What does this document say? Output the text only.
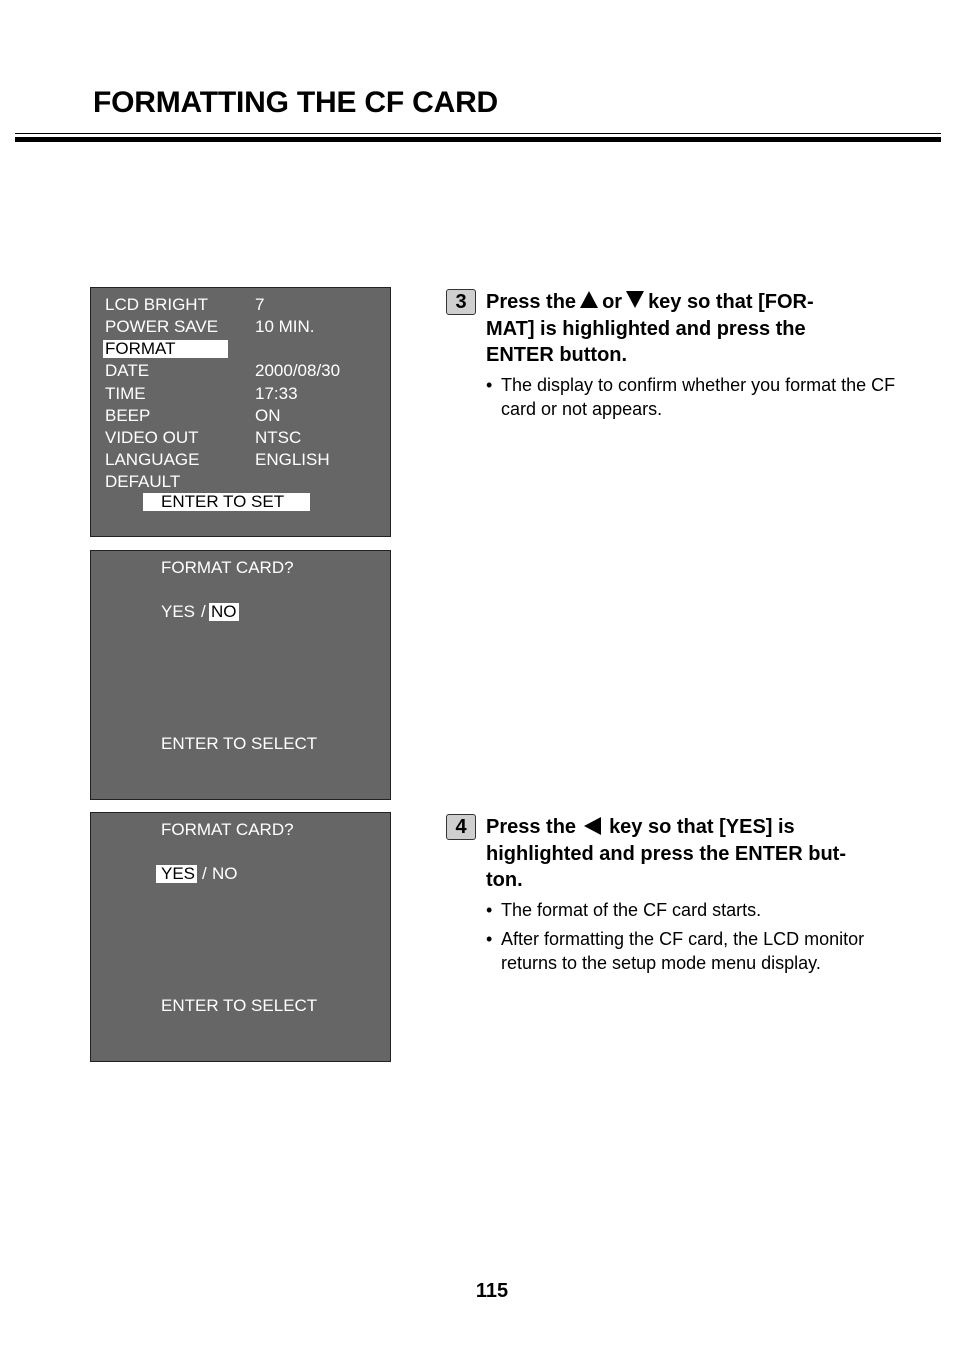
FORMATTING THE CF CARD
LCD BRIGHT	7
POWER SAVE 10 MIN.
FORMAT
DATE	2000/08/30
TIME	17:33
BEEP	ON
VIDEO OUT	NTSC
LANGUAGE	ENGLISH
DEFAULT
ENTER TO SET
FORMAT CARD?
YES / NO
ENTER TO SELECT
FORMAT CARD?
YES / NO
ENTER TO SELECT
3 Press the or key so that [FOR-
MAT] is highlighted and press the
ENTER button.
• The display to confirm whether you format the CF card or not appears.
4 Press the key so that [YES] is
highlighted and press the ENTER but-
ton.
• The format of the CF card starts.
• After formatting the CF card, the LCD monitor returns to the setup mode menu display.
115
